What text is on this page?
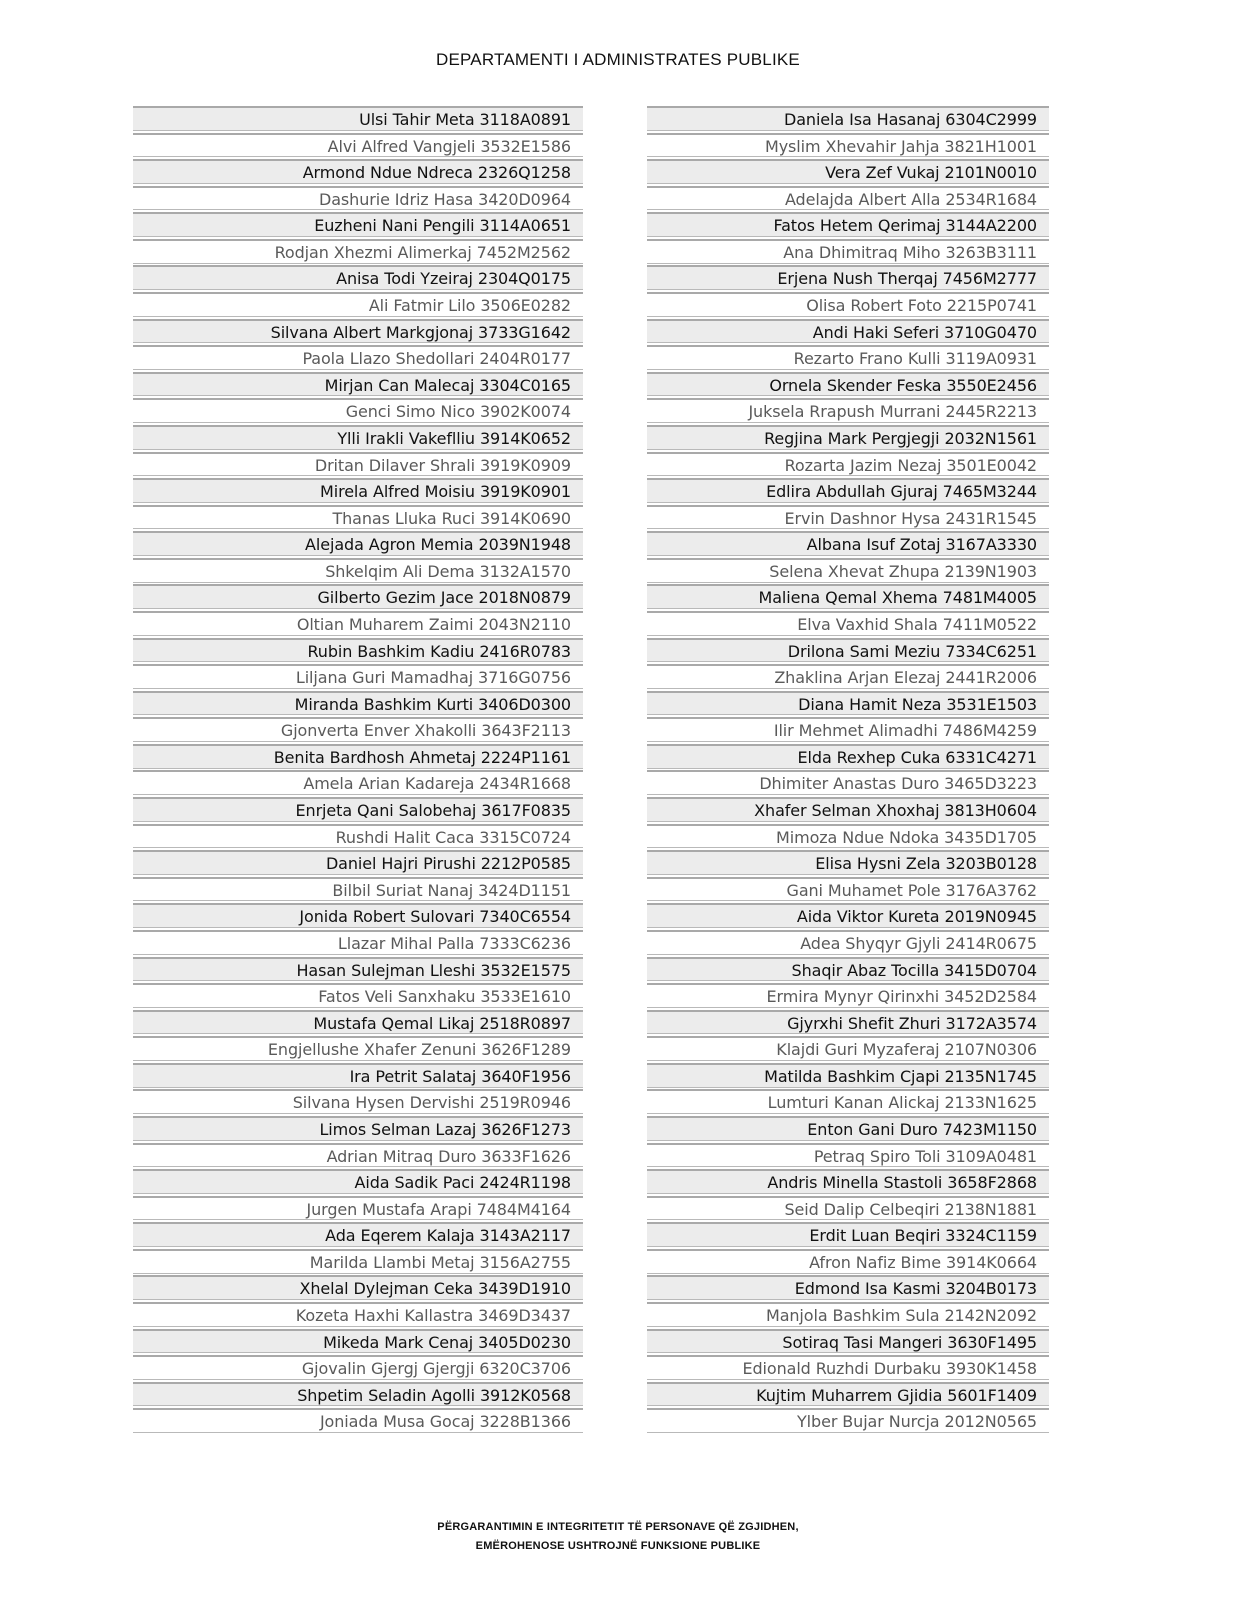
DEPARTAMENTI I ADMINISTRATES PUBLIKE
Ulsi Tahir Meta 3118A0891
Alvi Alfred Vangjeli 3532E1586
Armond Ndue Ndreca 2326Q1258
Dashurie Idriz Hasa 3420D0964
Euzheni Nani Pengili 3114A0651
Rodjan Xhezmi Alimerkaj 7452M2562
Anisa Todi Yzeiraj 2304Q0175
Ali Fatmir Lilo 3506E0282
Silvana Albert Markgjonaj 3733G1642
Paola Llazo Shedollari 2404R0177
Mirjan Can Malecaj 3304C0165
Genci Simo Nico 3902K0074
Ylli Irakli Vakeflliu 3914K0652
Dritan Dilaver Shrali 3919K0909
Mirela Alfred Moisiu 3919K0901
Thanas Lluka Ruci 3914K0690
Alejada Agron Memia 2039N1948
Shkelqim Ali Dema 3132A1570
Gilberto Gezim Jace 2018N0879
Oltian Muharem Zaimi 2043N2110
Rubin Bashkim Kadiu 2416R0783
Liljana Guri Mamadhaj 3716G0756
Miranda Bashkim Kurti 3406D0300
Gjonverta Enver Xhakolli 3643F2113
Benita Bardhosh Ahmetaj 2224P1161
Amela Arian Kadareja 2434R1668
Enrjeta Qani Salobehaj 3617F0835
Rushdi Halit Caca 3315C0724
Daniel Hajri Pirushi 2212P0585
Bilbil Suriat Nanaj 3424D1151
Jonida Robert Sulovari 7340C6554
Llazar Mihal Palla 7333C6236
Hasan Sulejman Lleshi 3532E1575
Fatos Veli Sanxhaku 3533E1610
Mustafa Qemal Likaj 2518R0897
Engjellushe Xhafer Zenuni 3626F1289
Ira Petrit Salataj 3640F1956
Silvana Hysen Dervishi 2519R0946
Limos Selman Lazaj 3626F1273
Adrian Mitraq Duro 3633F1626
Aida Sadik Paci 2424R1198
Jurgen Mustafa Arapi 7484M4164
Ada Eqerem Kalaja 3143A2117
Marilda Llambi Metaj 3156A2755
Xhelal Dylejman Ceka 3439D1910
Kozeta Haxhi Kallastra 3469D3437
Mikeda Mark Cenaj 3405D0230
Gjovalin Gjergj Gjergji 6320C3706
Shpetim Seladin Agolli 3912K0568
Joniada Musa Gocaj 3228B1366
Daniela Isa Hasanaj 6304C2999
Myslim Xhevahir Jahja 3821H1001
Vera Zef Vukaj 2101N0010
Adelajda Albert Alla 2534R1684
Fatos Hetem Qerimaj 3144A2200
Ana Dhimitraq Miho 3263B3111
Erjena Nush Therqaj 7456M2777
Olisa Robert Foto 2215P0741
Andi Haki Seferi 3710G0470
Rezarto Frano Kulli 3119A0931
Ornela Skender Feska 3550E2456
Juksela Rrapush Murrani 2445R2213
Regjina Mark Pergjegji 2032N1561
Rozarta Jazim Nezaj 3501E0042
Edlira Abdullah Gjuraj 7465M3244
Ervin Dashnor Hysa 2431R1545
Albana Isuf Zotaj 3167A3330
Selena Xhevat Zhupa 2139N1903
Maliena Qemal Xhema 7481M4005
Elva Vaxhid Shala 7411M0522
Drilona Sami Meziu 7334C6251
Zhaklina Arjan Elezaj 2441R2006
Diana Hamit Neza 3531E1503
Ilir Mehmet Alimadhi 7486M4259
Elda Rexhep Cuka 6331C4271
Dhimiter Anastas Duro 3465D3223
Xhafer Selman Xhoxhaj 3813H0604
Mimoza Ndue Ndoka 3435D1705
Elisa Hysni Zela 3203B0128
Gani Muhamet Pole 3176A3762
Aida Viktor Kureta 2019N0945
Adea Shyqyr Gjyli 2414R0675
Shaqir Abaz Tocilla 3415D0704
Ermira Mynyr Qirinxhi 3452D2584
Gjyrxhi Shefit Zhuri 3172A3574
Klajdi Guri Myzaferaj 2107N0306
Matilda Bashkim Cjapi 2135N1745
Lumturi Kanan Alickaj 2133N1625
Enton Gani Duro 7423M1150
Petraq Spiro Toli 3109A0481
Andris Minella Stastoli 3658F2868
Seid Dalip Celbeqiri 2138N1881
Erdit Luan Beqiri 3324C1159
Afron Nafiz Bime 3914K0664
Edmond Isa Kasmi 3204B0173
Manjola Bashkim Sula 2142N2092
Sotiraq Tasi Mangeri 3630F1495
Edionald Ruzhdi Durbaku 3930K1458
Kujtim Muharrem Gjidia 5601F1409
Ylber Bujar Nurcja 2012N0565
PËRGARANTIMIN E INTEGRITETIT TË PERSONAVE QË ZGJIDHEN,
EMËROHENOSE USHTROJNË FUNKSIONE PUBLIKE
